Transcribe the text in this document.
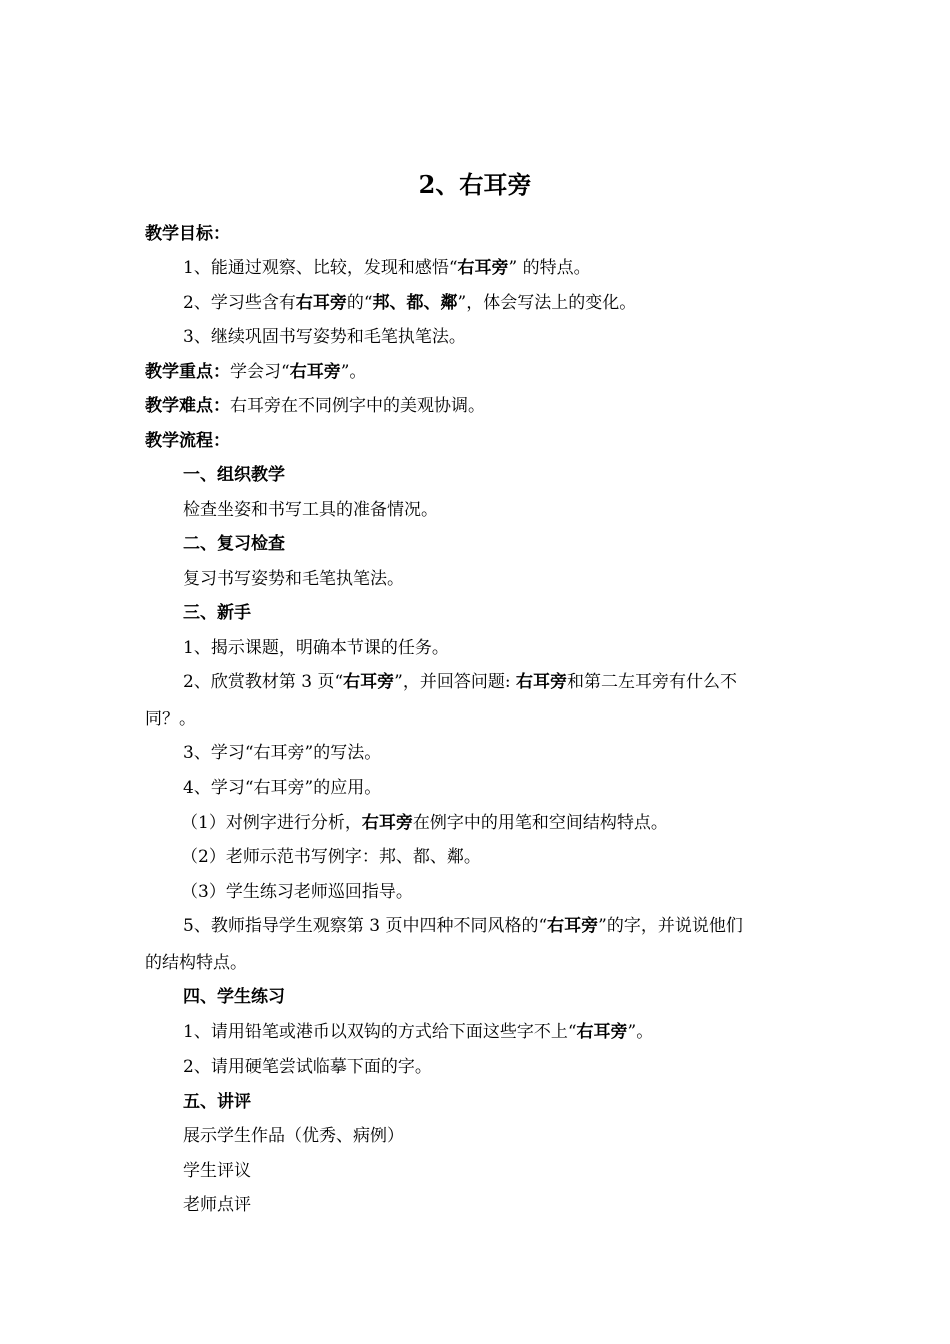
2、右耳旁
教学目标：
1、能通过观察、比较，发现和感悟“右耳旁” 的特点。
2、学习些含有右耳旁的“邦、都、鄰”，体会写法上的变化。
3、继续巩固书写姿势和毛笔执笔法。
教学重点：学会习“右耳旁”。
教学难点：右耳旁在不同例字中的美观协调。
教学流程：
一、组织教学
检查坐姿和书写工具的准备情况。
二、复习检查
复习书写姿势和毛笔执笔法。
三、新手
1、揭示课题，明确本节课的任务。
2、欣赏教材第 3 页“右耳旁”，并回答问题: 右耳旁和第二左耳旁有什么不
同？。
3、学习“右耳旁”的写法。
4、学习“右耳旁”的应用。
（1）对例字进行分析，右耳旁在例字中的用笔和空间结构特点。
（2）老师示范书写例字：邦、都、鄰。
（3）学生练习老师巡回指导。
5、教师指导学生观察第 3 页中四种不同风格的“右耳旁”的字，并说说他们
的结构特点。
四、学生练习
1、请用铅笔或港币以双钩的方式给下面这些字不上“右耳旁”。
2、请用硬笔尝试临摹下面的字。
五、讲评
展示学生作品（优秀、病例）
学生评议
老师点评
